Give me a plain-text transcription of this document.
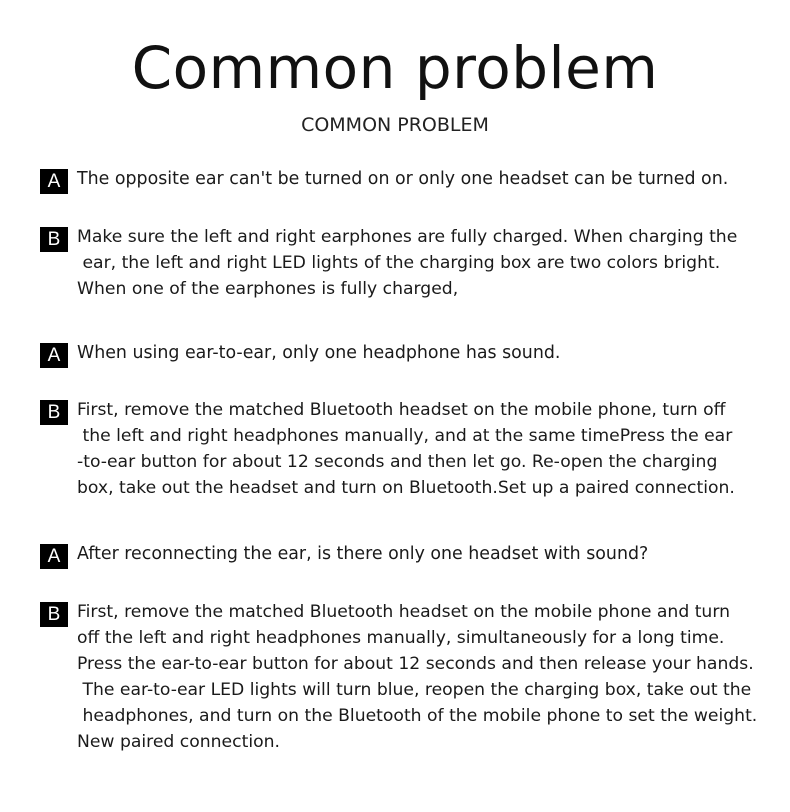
Common problem
COMMON PROBLEM
A The opposite ear can't be turned on or only one headset can be turned on.
B Make sure the left and right earphones are fully charged. When charging the
ear, the left and right LED lights of the charging box are two colors bright.
When one of the earphones is fully charged,
A When using ear-to-ear, only one headphone has sound.
B First, remove the matched Bluetooth headset on the mobile phone, turn off
the left and right headphones manually, and at the same timePress the ear
-to-ear button for about 12 seconds and then let go. Re-open the charging
box, take out the headset and turn on Bluetooth.Set up a paired connection.
A After reconnecting the ear, is there only one headset with sound?
B First, remove the matched Bluetooth headset on the mobile phone and turn
off the left and right headphones manually, simultaneously for a long time.
Press the ear-to-ear button for about 12 seconds and then release your hands.
The ear-to-ear LED lights will turn blue, reopen the charging box, take out the
headphones, and turn on the Bluetooth of the mobile phone to set the weight.
New paired connection.
